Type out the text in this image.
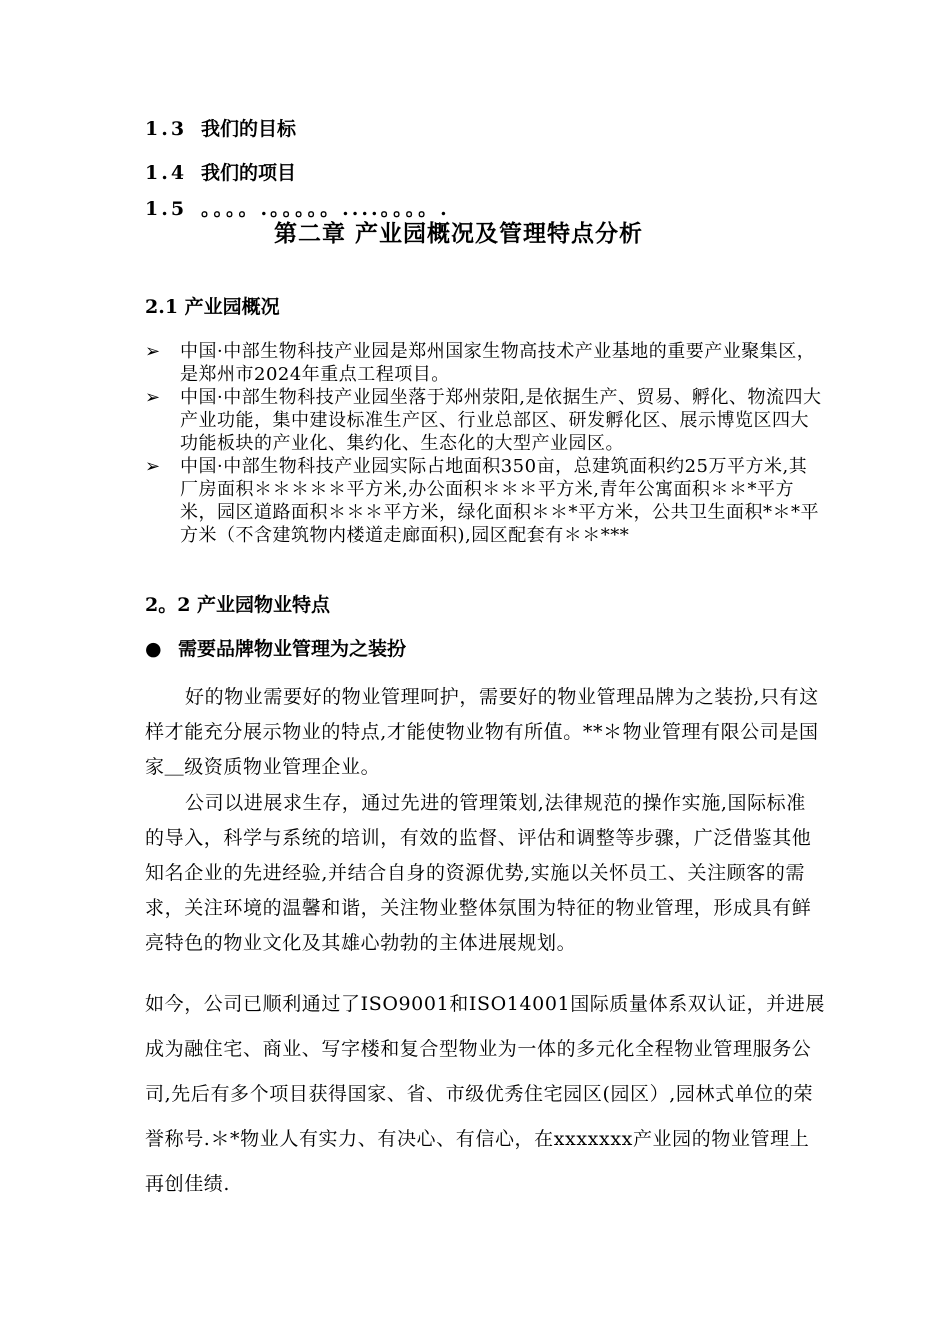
1.3 我们的目标
1.4 我们的项目
1.5 。。。。.。。。。。....。。。。.
第二章 产业园概况及管理特点分析
2.1 产业园概况
➢ 中国·中部生物科技产业园是郑州国家生物高技术产业基地的重要产业聚集区，是郑州市2024年重点工程项目。
➢ 中国·中部生物科技产业园坐落于郑州荥阳,是依据生产、贸易、孵化、物流四大产业功能，集中建设标准生产区、行业总部区、研发孵化区、展示博览区四大功能板块的产业化、集约化、生态化的大型产业园区。
➢ 中国·中部生物科技产业园实际占地面积350亩，总建筑面积约25万平方米,其厂房面积＊＊＊＊＊平方米,办公面积＊＊＊平方米,青年公寓面积＊＊*平方米，园区道路面积＊＊＊平方米，绿化面积＊＊*平方米，公共卫生面积*＊*平方米（不含建筑物内楼道走廊面积),园区配套有＊＊***
2。2 产业园物业特点
● 需要品牌物业管理为之装扮
好的物业需要好的物业管理呵护，需要好的物业管理品牌为之装扮,只有这样才能充分展示物业的特点,才能使物业物有所值。**＊物业管理有限公司是国家＿级资质物业管理企业。
公司以进展求生存，通过先进的管理策划,法律规范的操作实施,国际标准的导入，科学与系统的培训，有效的监督、评估和调整等步骤，广泛借鉴其他知名企业的先进经验,并结合自身的资源优势,实施以关怀员工、关注顾客的需求，关注环境的温馨和谐，关注物业整体氛围为特征的物业管理，形成具有鲜亮特色的物业文化及其雄心勃勃的主体进展规划。
如今，公司已顺利通过了ISO9001和ISO14001国际质量体系双认证，并进展成为融住宅、商业、写字楼和复合型物业为一体的多元化全程物业管理服务公司,先后有多个项目获得国家、省、市级优秀住宅园区(园区）,园林式单位的荣誉称号.＊*物业人有实力、有决心、有信心，在xxxxxxx产业园的物业管理上再创佳绩.
